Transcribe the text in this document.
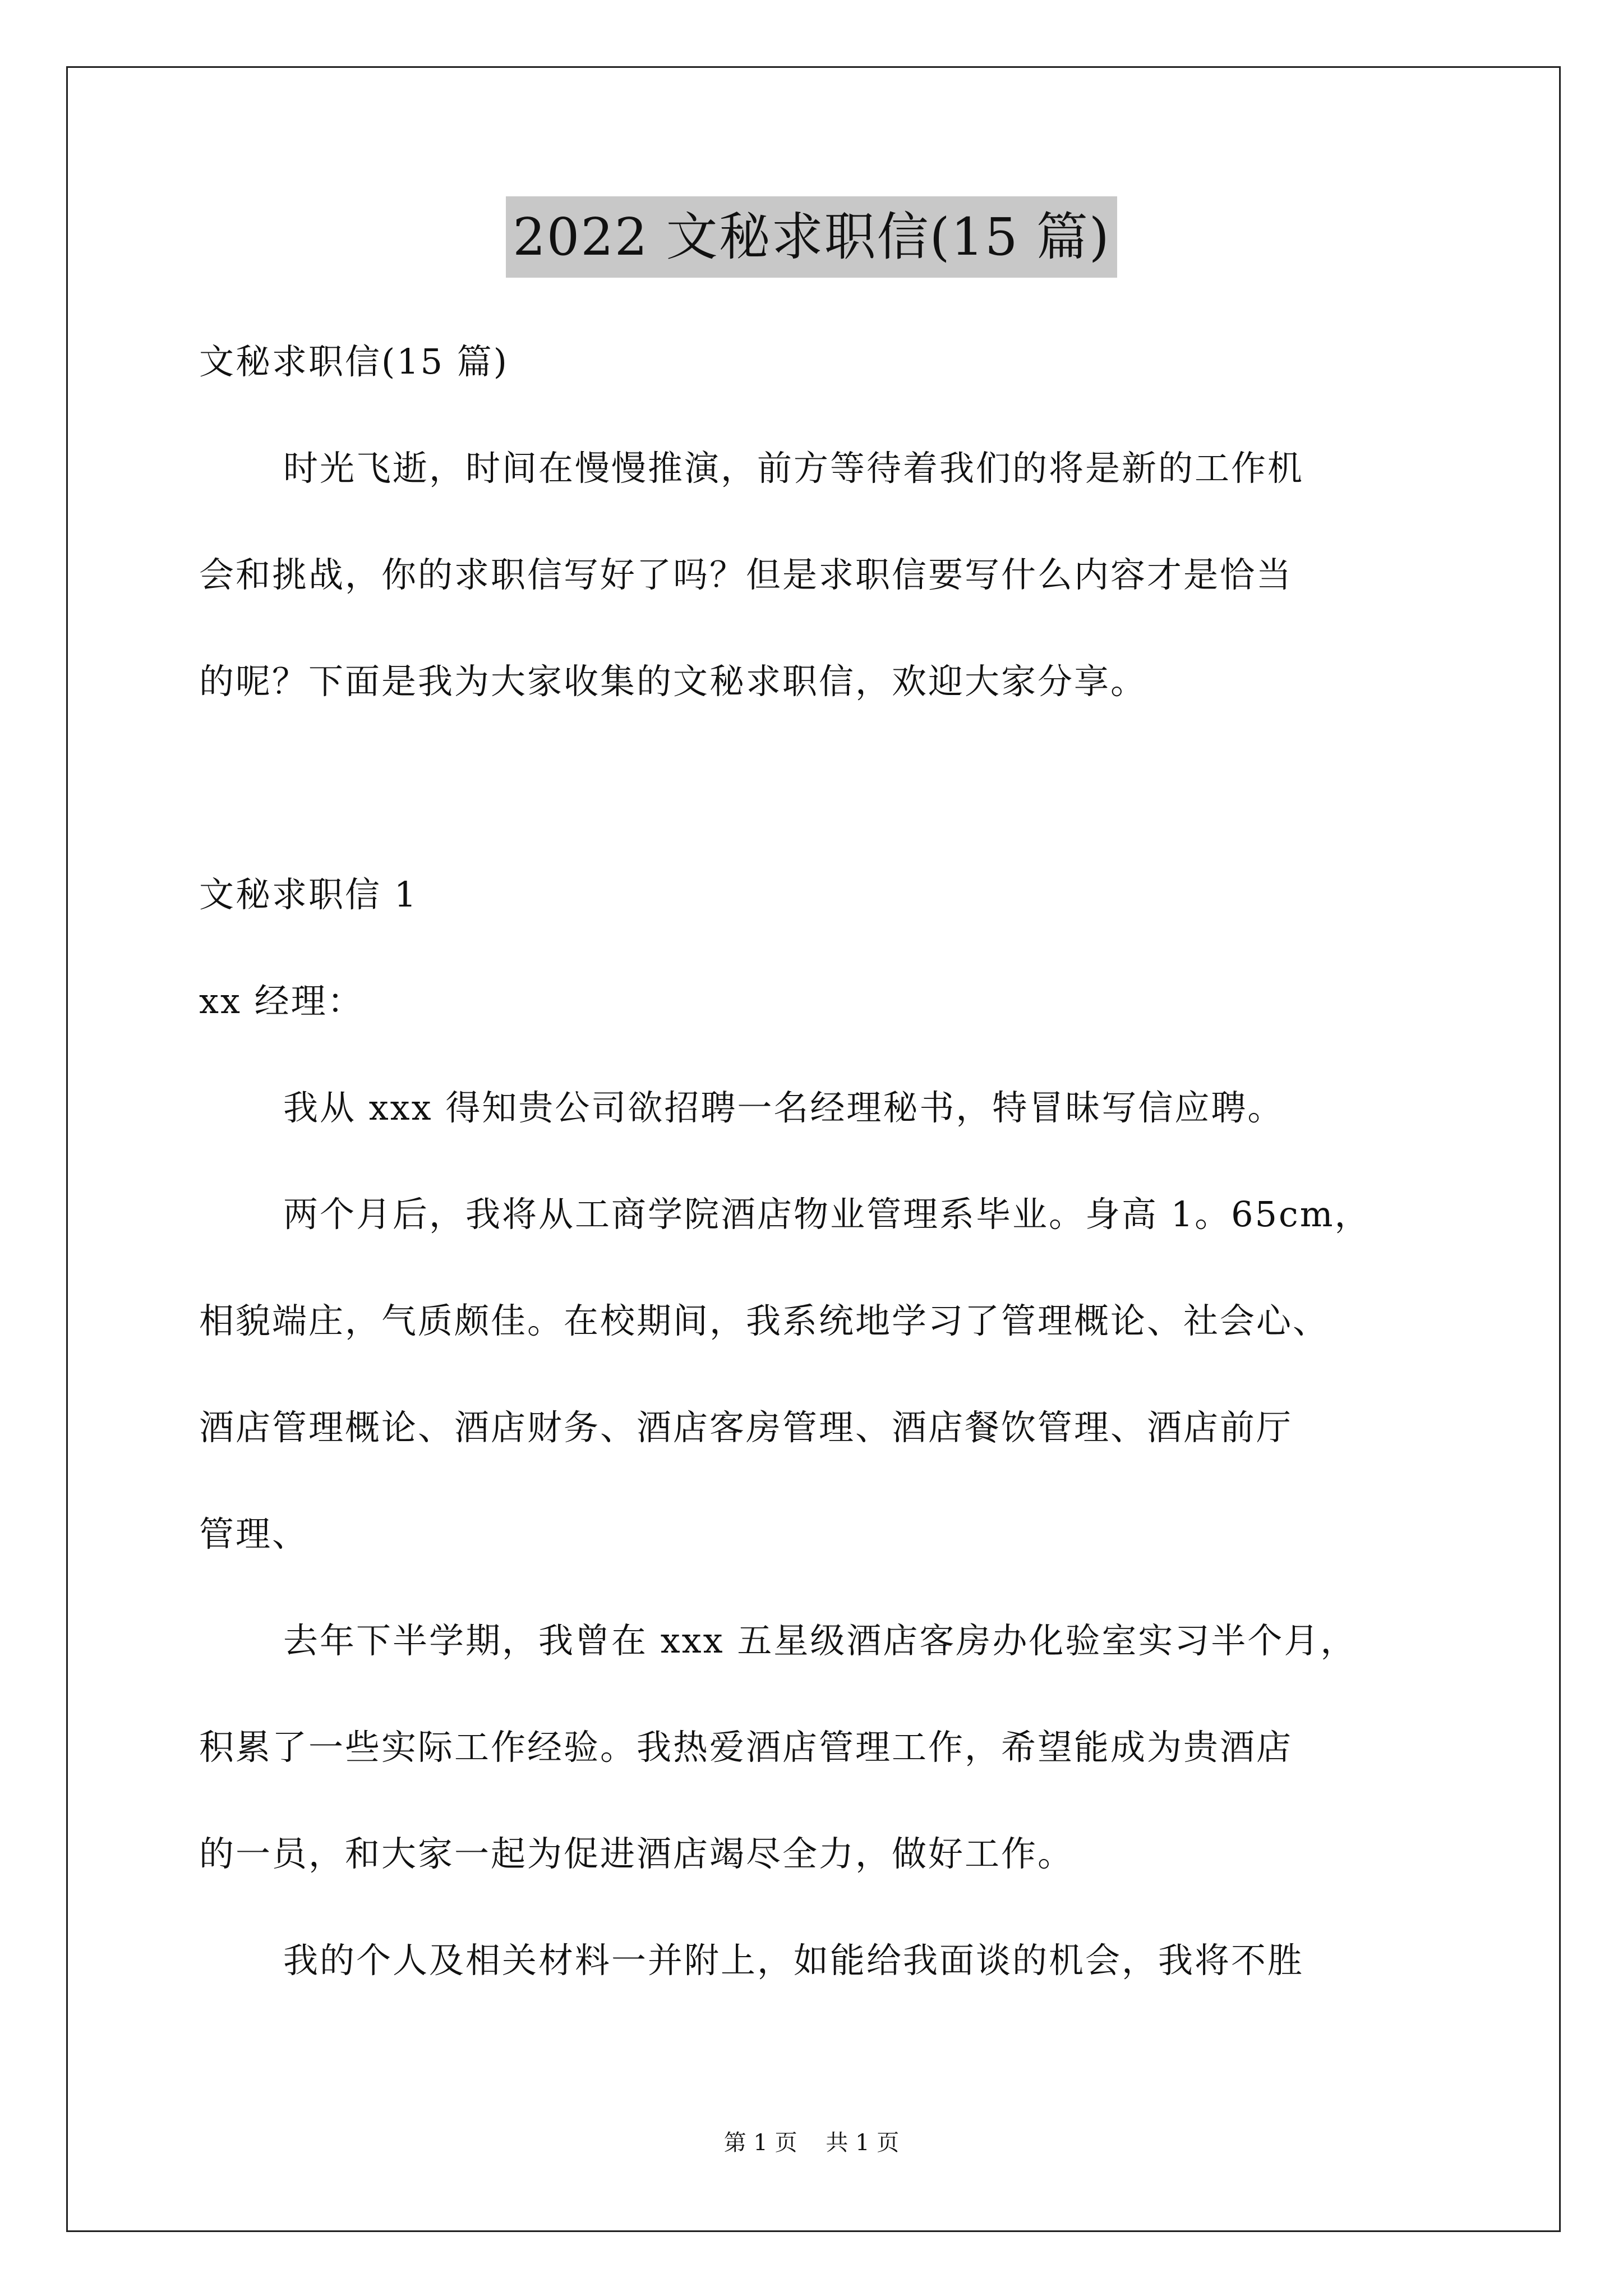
2022 文秘求职信(15 篇)

文秘求职信(15 篇)

时光飞逝，时间在慢慢推演，前方等待着我们的将是新的工作机

会和挑战，你的求职信写好了吗？但是求职信要写什么内容才是恰当

的呢？下面是我为大家收集的文秘求职信，欢迎大家分享。

文秘求职信 1

xx 经理：

我从 xxx 得知贵公司欲招聘一名经理秘书，特冒昧写信应聘。

两个月后，我将从工商学院酒店物业管理系毕业。身高 1。65cm，

相貌端庄，气质颇佳。在校期间，我系统地学习了管理概论、社会心、

酒店管理概论、酒店财务、酒店客房管理、酒店餐饮管理、酒店前厅

管理、

去年下半学期，我曾在 xxx 五星级酒店客房办化验室实习半个月，

积累了一些实际工作经验。我热爱酒店管理工作，希望能成为贵酒店

的一员，和大家一起为促进酒店竭尽全力，做好工作。

我的个人及相关材料一并附上，如能给我面谈的机会，我将不胜

第 1 页    共 1 页
